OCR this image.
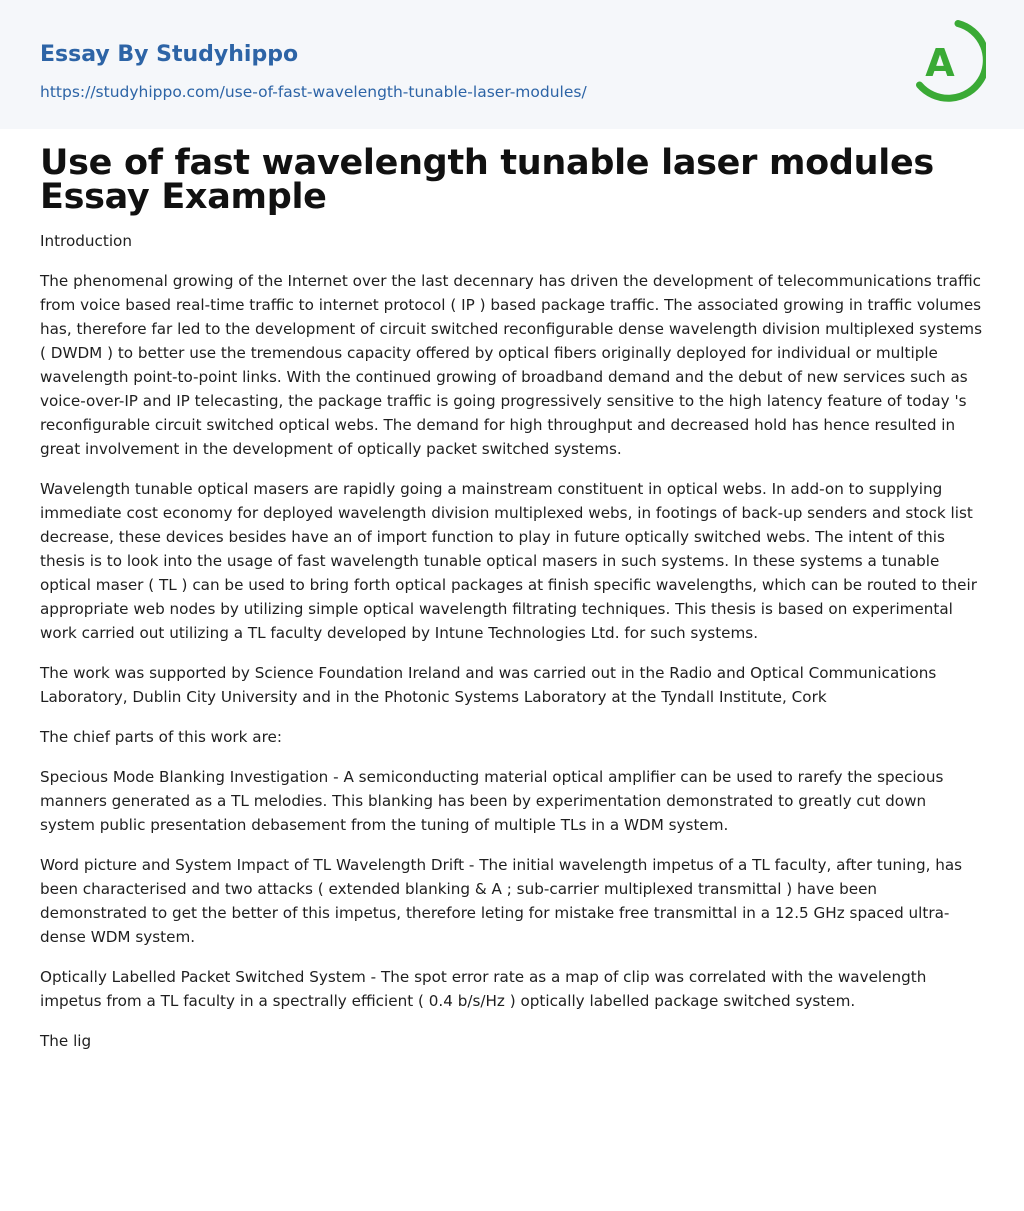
Essay By Studyhippo
https://studyhippo.com/use-of-fast-wavelength-tunable-laser-modules/
A
Use of fast wavelength tunable laser modules Essay Example

Introduction

The phenomenal growing of the Internet over the last decennary has driven the development of telecommunications traffic from voice based real-time traffic to internet protocol ( IP ) based package traffic. The associated growing in traffic volumes has, therefore far led to the development of circuit switched reconfigurable dense wavelength division multiplexed systems ( DWDM ) to better use the tremendous capacity offered by optical fibers originally deployed for individual or multiple wavelength point-to-point links. With the continued growing of broadband demand and the debut of new services such as voice-over-IP and IP telecasting, the package traffic is going progressively sensitive to the high latency feature of today 's reconfigurable circuit switched optical webs. The demand for high throughput and decreased hold has hence resulted in great involvement in the development of optically packet switched systems.

Wavelength tunable optical masers are rapidly going a mainstream constituent in optical webs. In add-on to supplying immediate cost economy for deployed wavelength division multiplexed webs, in footings of back-up senders and stock list decrease, these devices besides have an of import function to play in future optically switched webs. The intent of this thesis is to look into the usage of fast wavelength tunable optical masers in such systems. In these systems a tunable optical maser ( TL ) can be used to bring forth optical packages at finish specific wavelengths, which can be routed to their appropriate web nodes by utilizing simple optical wavelength filtrating techniques. This thesis is based on experimental work carried out utilizing a TL faculty developed by Intune Technologies Ltd. for such systems.

The work was supported by Science Foundation Ireland and was carried out in the Radio and Optical Communications Laboratory, Dublin City University and in the Photonic Systems Laboratory at the Tyndall Institute, Cork

The chief parts of this work are:

Specious Mode Blanking Investigation - A semiconducting material optical amplifier can be used to rarefy the specious manners generated as a TL melodies. This blanking has been by experimentation demonstrated to greatly cut down system public presentation debasement from the tuning of multiple TLs in a WDM system.

Word picture and System Impact of TL Wavelength Drift - The initial wavelength impetus of a TL faculty, after tuning, has been characterised and two attacks ( extended blanking & A ; sub-carrier multiplexed transmittal ) have been demonstrated to get the better of this impetus, therefore leting for mistake free transmittal in a 12.5 GHz spaced ultra-dense WDM system.

Optically Labelled Packet Switched System - The spot error rate as a map of clip was correlated with the wavelength impetus from a TL faculty in a spectrally efficient ( 0.4 b/s/Hz ) optically labelled package switched system.

The lig
